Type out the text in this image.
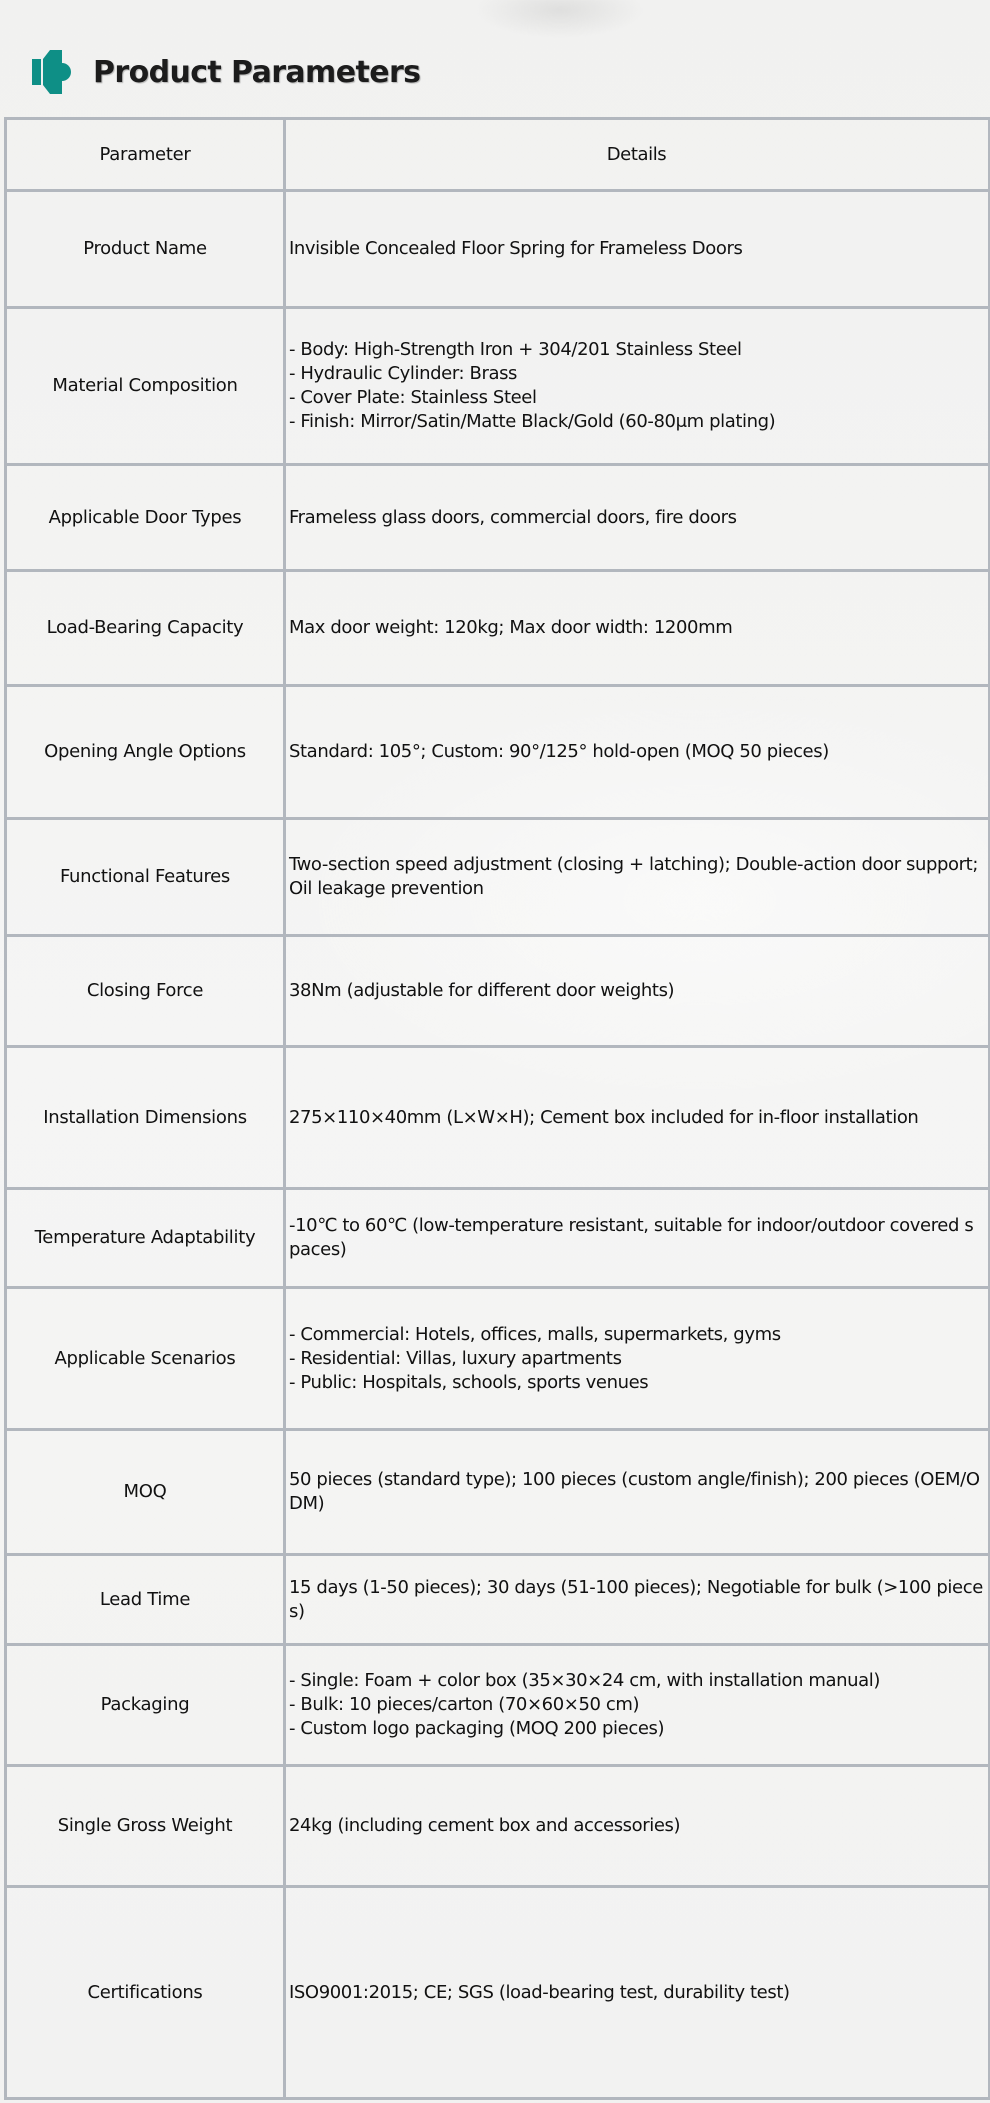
Product Parameters
Parameter	Details
Product Name	Invisible Concealed Floor Spring for Frameless Doors

Material Composition	- Body: High-Strength Iron + 304/201 Stainless Steel
- Hydraulic Cylinder: Brass
- Cover Plate: Stainless Steel
- Finish: Mirror/Satin/Matte Black/Gold (60-80μm plating)

Applicable Door Types	Frameless glass doors, commercial doors, fire doors

Load-Bearing Capacity	Max door weight: 120kg; Max door width: 1200mm

Opening Angle Options	Standard: 105°; Custom: 90°/125° hold-open (MOQ 50 pieces)

Functional Features	Two-section speed adjustment (closing + latching); Double-action door support; Oil leakage prevention

Closing Force	38Nm (adjustable for different door weights)

Installation Dimensions	275×110×40mm (L×W×H); Cement box included for in-floor installation

Temperature Adaptability	-10℃ to 60℃ (low-temperature resistant, suitable for indoor/outdoor covered spaces)

Applicable Scenarios	- Commercial: Hotels, offices, malls, supermarkets, gyms
- Residential: Villas, luxury apartments
- Public: Hospitals, schools, sports venues

MOQ	50 pieces (standard type); 100 pieces (custom angle/finish); 200 pieces (OEM/ODM)

Lead Time	15 days (1-50 pieces); 30 days (51-100 pieces); Negotiable for bulk (>100 pieces)

Packaging	- Single: Foam + color box (35×30×24 cm, with installation manual)
- Bulk: 10 pieces/carton (70×60×50 cm)
- Custom logo packaging (MOQ 200 pieces)

Single Gross Weight	24kg (including cement box and accessories)

Certifications	ISO9001:2015; CE; SGS (load-bearing test, durability test)
